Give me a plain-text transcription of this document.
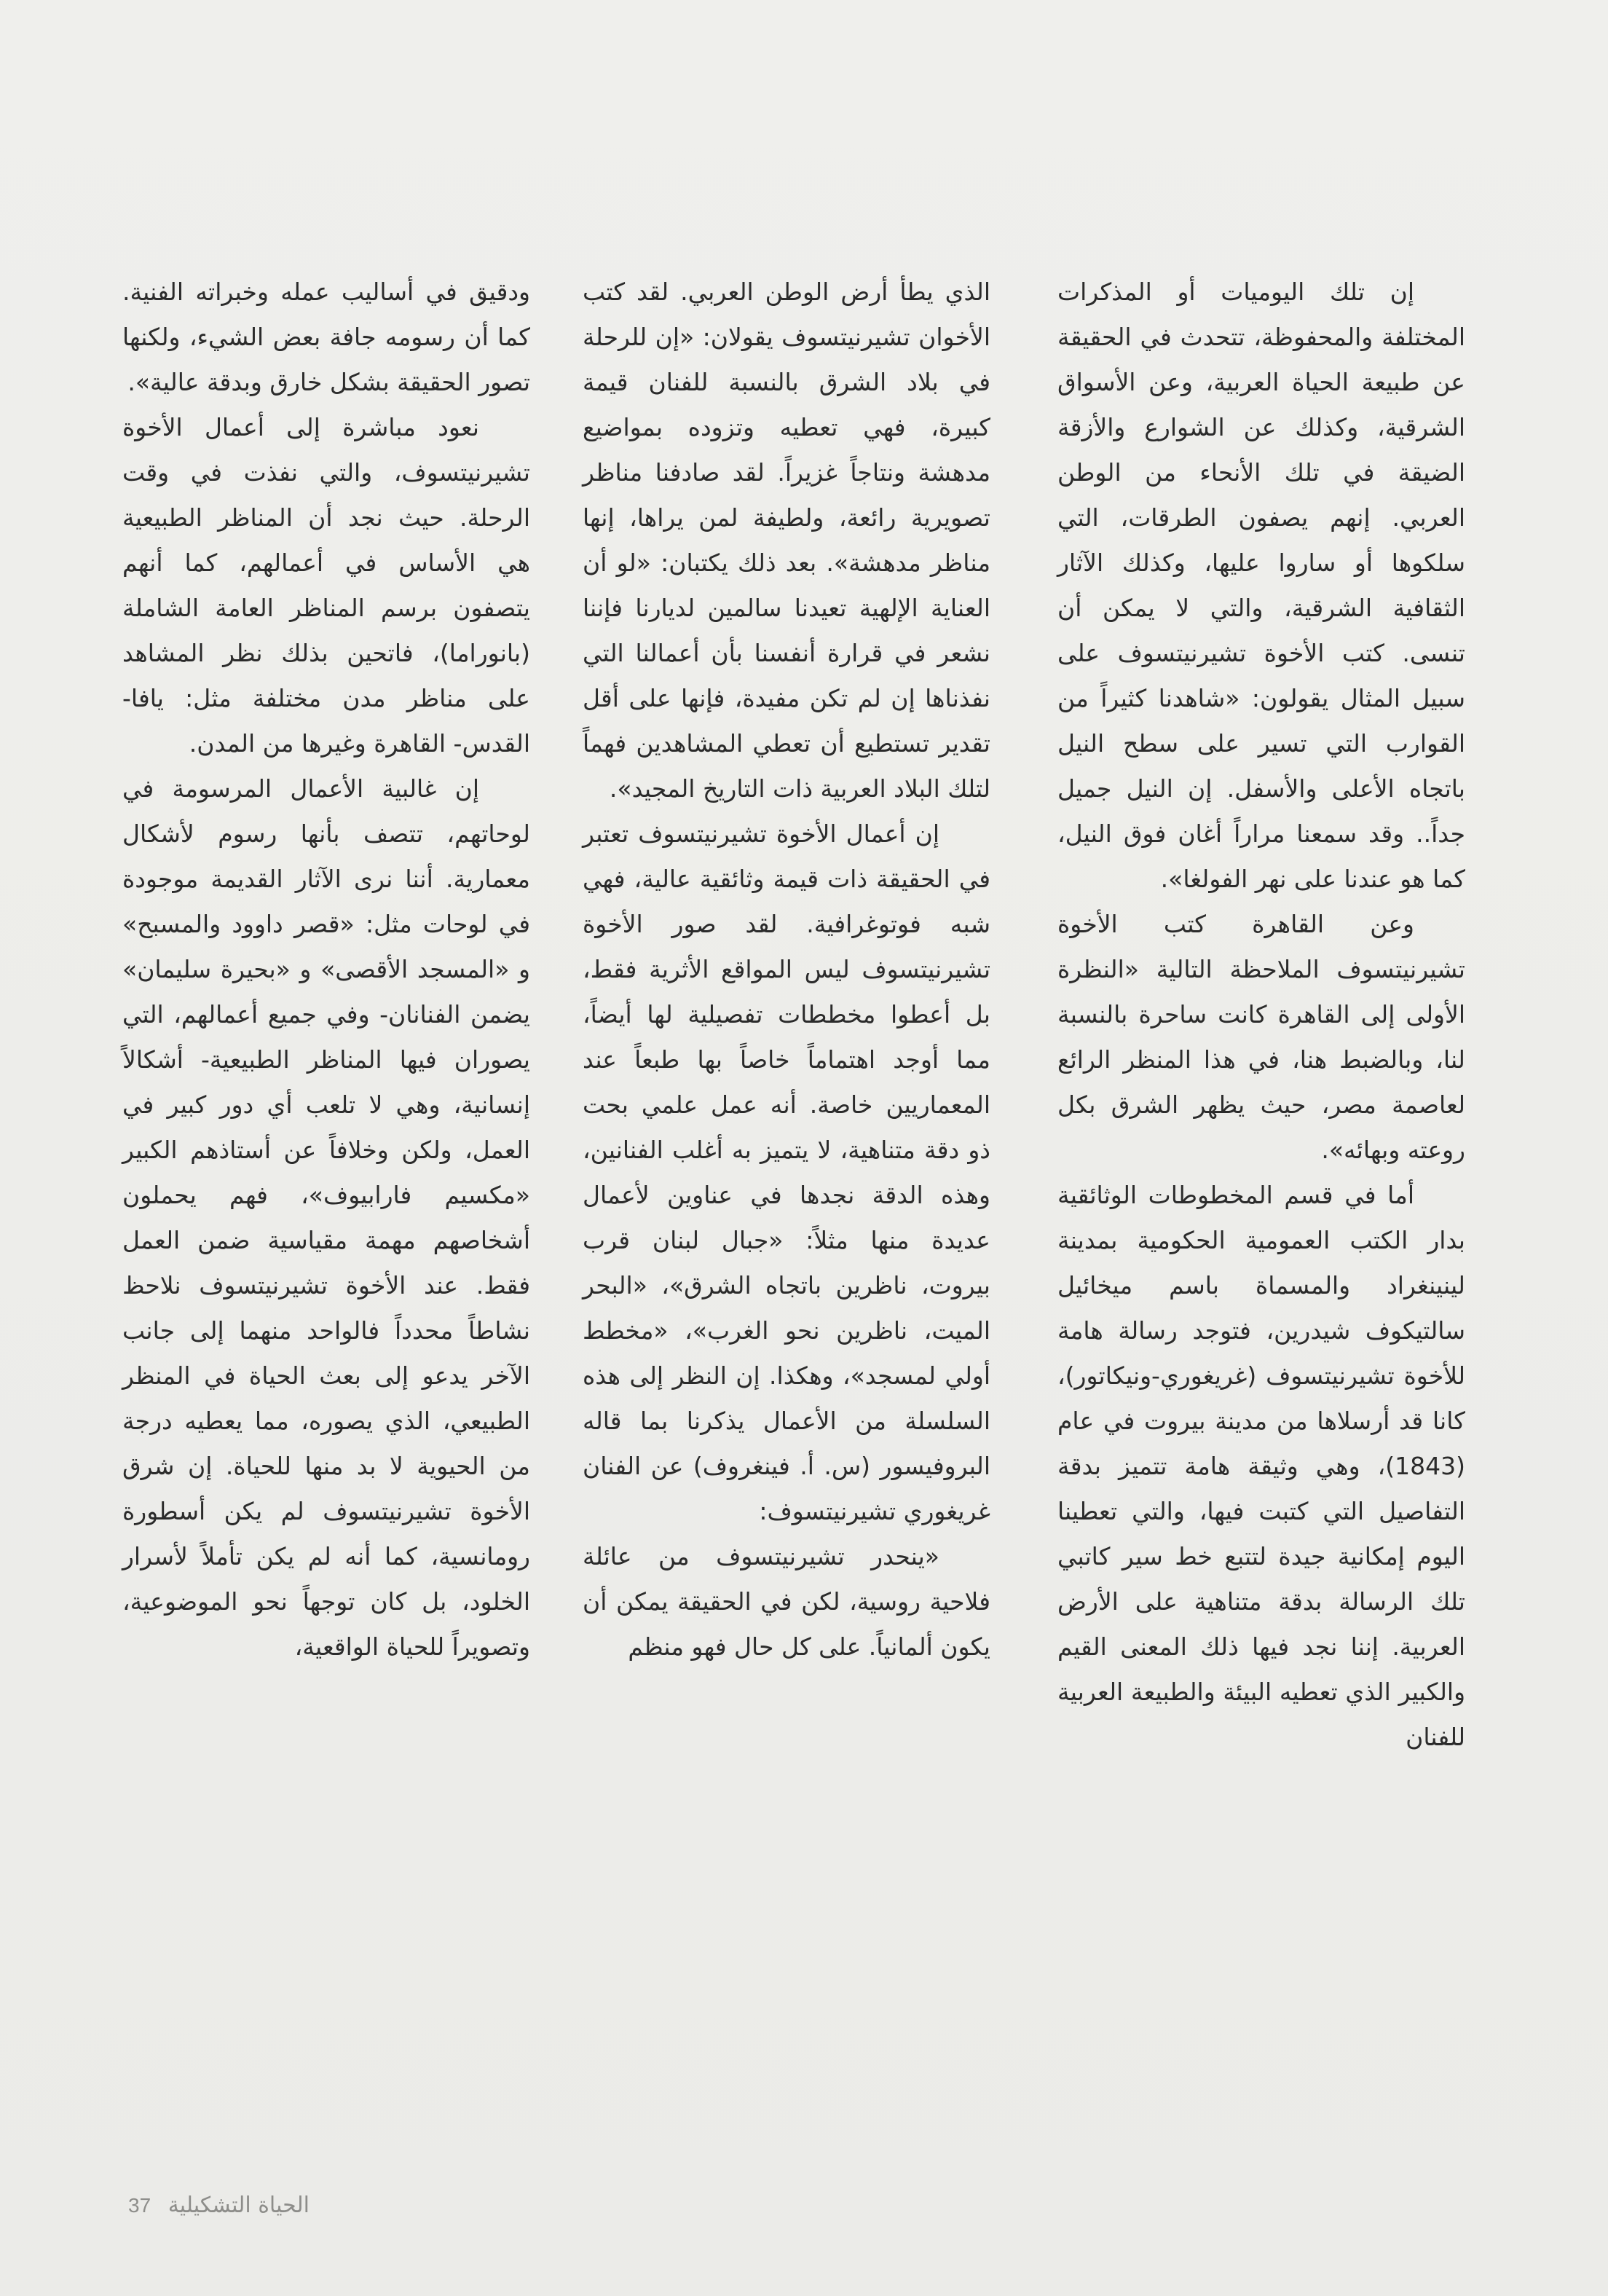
إن تلك اليوميات أو المذكرات المختلفة والمحفوظة، تتحدث في الحقيقة عن طبيعة الحياة العربية، وعن الأسواق الشرقية، وكذلك عن الشوارع والأزقة الضيقة في تلك الأنحاء من الوطن العربي. إنهم يصفون الطرقات، التي سلكوها أو ساروا عليها، وكذلك الآثار الثقافية الشرقية، والتي لا يمكن أن تنسى. كتب الأخوة تشيرنيتسوف على سبيل المثال يقولون: «شاهدنا كثيراً من القوارب التي تسير على سطح النيل باتجاه الأعلى والأسفل. إن النيل جميل جداً.. وقد سمعنا مراراً أغان فوق النيل، كما هو عندنا على نهر الفولغا».

وعن القاهرة كتب الأخوة تشيرنيتسوف الملاحظة التالية «النظرة الأولى إلى القاهرة كانت ساحرة بالنسبة لنا، وبالضبط هنا، في هذا المنظر الرائع لعاصمة مصر، حيث يظهر الشرق بكل روعته وبهائه».

أما في قسم المخطوطات الوثائقية بدار الكتب العمومية الحكومية بمدينة لينينغراد والمسماة باسم ميخائيل سالتيكوف شيدرين، فتوجد رسالة هامة للأخوة تشيرنيتسوف (غريغوري-ونيكاتور)، كانا قد أرسلاها من مدينة بيروت في عام (1843)، وهي وثيقة هامة تتميز بدقة التفاصيل التي كتبت فيها، والتي تعطينا اليوم إمكانية جيدة لتتبع خط سير كاتبي تلك الرسالة بدقة متناهية على الأرض العربية. إننا نجد فيها ذلك المعنى القيم والكبير الذي تعطيه البيئة والطبيعة العربية للفنان

الذي يطأ أرض الوطن العربي. لقد كتب الأخوان تشيرنيتسوف يقولان: «إن للرحلة في بلاد الشرق بالنسبة للفنان قيمة كبيرة، فهي تعطيه وتزوده بمواضيع مدهشة ونتاجاً غزيراً. لقد صادفنا مناظر تصويرية رائعة، ولطيفة لمن يراها، إنها مناظر مدهشة». بعد ذلك يكتبان: «لو أن العناية الإلهية تعيدنا سالمين لديارنا فإننا نشعر في قرارة أنفسنا بأن أعمالنا التي نفذناها إن لم تكن مفيدة، فإنها على أقل تقدير تستطيع أن تعطي المشاهدين فهماً لتلك البلاد العربية ذات التاريخ المجيد».

إن أعمال الأخوة تشيرنيتسوف تعتبر في الحقيقة ذات قيمة وثائقية عالية، فهي شبه فوتوغرافية. لقد صور الأخوة تشيرنيتسوف ليس المواقع الأثرية فقط، بل أعطوا مخططات تفصيلية لها أيضاً، مما أوجد اهتماماً خاصاً بها طبعاً عند المعماريين خاصة. أنه عمل علمي بحت ذو دقة متناهية، لا يتميز به أغلب الفنانين، وهذه الدقة نجدها في عناوين لأعمال عديدة منها مثلاً: «جبال لبنان قرب بيروت، ناظرين باتجاه الشرق»، «البحر الميت، ناظرين نحو الغرب»، «مخطط أولي لمسجد»، وهكذا. إن النظر إلى هذه السلسلة من الأعمال يذكرنا بما قاله البروفيسور (س. أ. فينغروف) عن الفنان غريغوري تشيرنيتسوف:

«ينحدر تشيرنيتسوف من عائلة فلاحية روسية، لكن في الحقيقة يمكن أن يكون ألمانياً. على كل حال فهو منظم

ودقيق في أساليب عمله وخبراته الفنية. كما أن رسومه جافة بعض الشيء، ولكنها تصور الحقيقة بشكل خارق وبدقة عالية».

نعود مباشرة إلى أعمال الأخوة تشيرنيتسوف، والتي نفذت في وقت الرحلة. حيث نجد أن المناظر الطبيعية هي الأساس في أعمالهم، كما أنهم يتصفون برسم المناظر العامة الشاملة (بانوراما)، فاتحين بذلك نظر المشاهد على مناظر مدن مختلفة مثل: يافا- القدس- القاهرة وغيرها من المدن.

إن غالبية الأعمال المرسومة في لوحاتهم، تتصف بأنها رسوم لأشكال معمارية. أننا نرى الآثار القديمة موجودة في لوحات مثل: «قصر داوود والمسبح» و «المسجد الأقصى» و «بحيرة سليمان» يضمن الفنانان- وفي جميع أعمالهم، التي يصوران فيها المناظر الطبيعية- أشكالاً إنسانية، وهي لا تلعب أي دور كبير في العمل، ولكن وخلافاً عن أستاذهم الكبير «مكسيم فارابيوف»، فهم يحملون أشخاصهم مهمة مقياسية ضمن العمل فقط. عند الأخوة تشيرنيتسوف نلاحظ نشاطاً محدداً فالواحد منهما إلى جانب الآخر يدعو إلى بعث الحياة في المنظر الطبيعي، الذي يصوره، مما يعطيه درجة من الحيوية لا بد منها للحياة. إن شرق الأخوة تشيرنيتسوف لم يكن أسطورة رومانسية، كما أنه لم يكن تأملاً لأسرار الخلود، بل كان توجهاً نحو الموضوعية، وتصويراً للحياة الواقعية،

الحياة التشكيلية 37
